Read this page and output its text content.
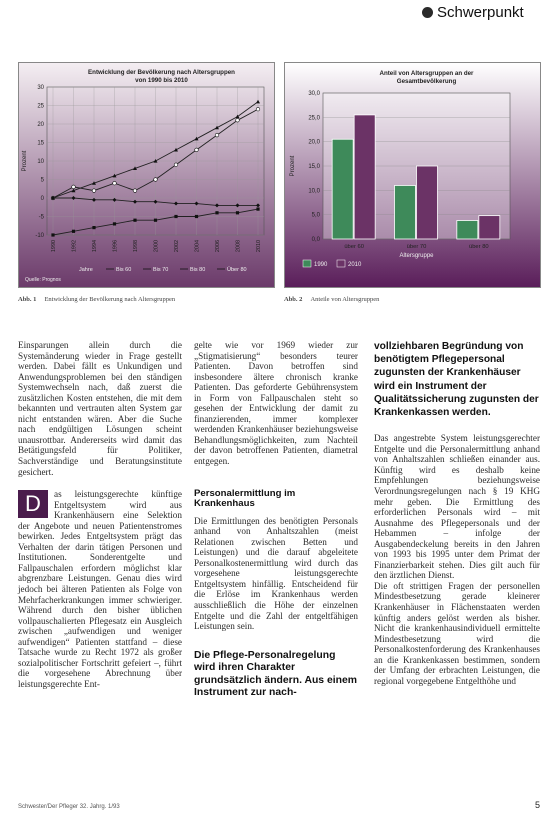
Schwerpunkt
Entwicklung der Bevölkerung nach Altersgruppen
von 1990 bis 2010
Prozent
30
25
20
15
10
5
0
-5
-10
1990	1992	1994	1996	1998	2000	2002	2004	2006	2008	2010
Jahre	Bis 60	Bis 70	Bis 80	Über 80
Quelle: Prognos
Abb. 1 Entwicklung der Bevölkerung nach Altersgruppen
Anteil von Altersgruppen an der
Gesamtbevölkerung
Prozent
30,0
25,0
20,0
15,0
10,0
5,0
0,0
über 60	über 70	über 80
Altersgruppe
1990	2010
Abb. 2 Anteile von Altersgruppen

Einsparungen allein durch die Systemänderung wieder in Frage gestellt werden. Dabei fällt es Unkundigen und Anwendungsproblemen bei den ständigen Systemwechseln nach, daß zuerst die zusätzlichen Kosten entstehen, die mit dem bekannten und vertrauten alten System gar nicht entstanden wären. Aber die Suche nach endgültigen Lösungen scheint unausrottbar. Andererseits wird damit das Betätigungsfeld für Politiker, Sachverständige und Beratungsinstitute gesichert.

D	as leistungsgerechte künftige Entgeltsystem wird aus Krankenhäusern eine Selektion der Angebote und neuen Patientenstromes bewirken. Jedes Entgeltsystem prägt das Verhalten der darin tätigen Personen und Institutionen. Sonderentgelte und Fallpauschalen erfordern möglichst klar abgrenzbare Leistungen. Genau dies wird jedoch bei älteren Patienten als Folge von Mehrfacherkrankungen immer schwieriger. Während durch den bisher üblichen vollpauschalierten Pflegesatz ein Ausgleich zwischen „aufwendigen und weniger aufwendigen“ Patienten stattfand – diese Tatsache wurde zu Recht 1972 als großer sozialpolitischer Fortschritt gefeiert –, führt die vorgesehene Abrechnung über leistungsgerechte Ent-

gelte wie vor 1969 wieder zur „Stigmatisierung“ besonders teurer Patienten. Davon betroffen sind insbesondere ältere chronisch kranke Patienten. Das geforderte Gebührensystem in Form von Fallpauschalen steht so gesehen der Entwicklung der damit zu finanzierenden, immer komplexer werdenden Krankenhäuser beziehungsweise Behandlungsmöglichkeiten, zum Nachteil der davon betroffenen Patienten, diametral entgegen.

Personalermittlung im Krankenhaus

Die Ermittlungen des benötigten Personals anhand von Anhaltszahlen (meist Relationen zwischen Betten und Leistungen) und die darauf abgeleitete Personalkostenermittlung wird durch das vorgesehene leistungsgerechte Entgeltsystem hinfällig. Entscheidend für die Erlöse im Krankenhaus werden ausschließlich die Höhe der einzelnen Entgelte und die Zahl der entgeltfähigen Leistungen sein.

Die Pflege-Personalregelung wird ihren Charakter grundsätzlich ändern. Aus einem Instrument zur nach-

vollziehbaren Begründung von benötigtem Pflegepersonal zugunsten der Krankenhäuser wird ein Instrument der Qualitätssicherung zugunsten der Krankenkassen werden.

Das angestrebte System leistungsgerechter Entgelte und die Personalermittlung anhand von Anhaltszahlen schließen einander aus. Künftig wird es deshalb keine Empfehlungen beziehungsweise Verordnungsregelungen nach § 19 KHG mehr geben. Die Ermittlung des erforderlichen Personals wird – mit Ausnahme des Pflegepersonals und der Hebammen – infolge der Ausgabendeckelung bereits in den Jahren von 1993 bis 1995 unter dem Primat der Finanzierbarkeit stehen. Dies gilt auch für den ärztlichen Dienst.

Die oft strittigen Fragen der personellen Mindestbesetzung gerade kleinerer Krankenhäuser in Flächenstaaten werden künftig anders gelöst werden als bisher. Nicht die krankenhausindividuell ermittelte Mindestbesetzung wird die Personalkostenforderung des Krankenhauses an die Krankenkassen bestimmen, sondern der Umfang der erbrachten Leistungen, die regional vorgegebene Entgelthöhe und

Schwester/Der Pfleger 32. Jahrg. 1/93	5
